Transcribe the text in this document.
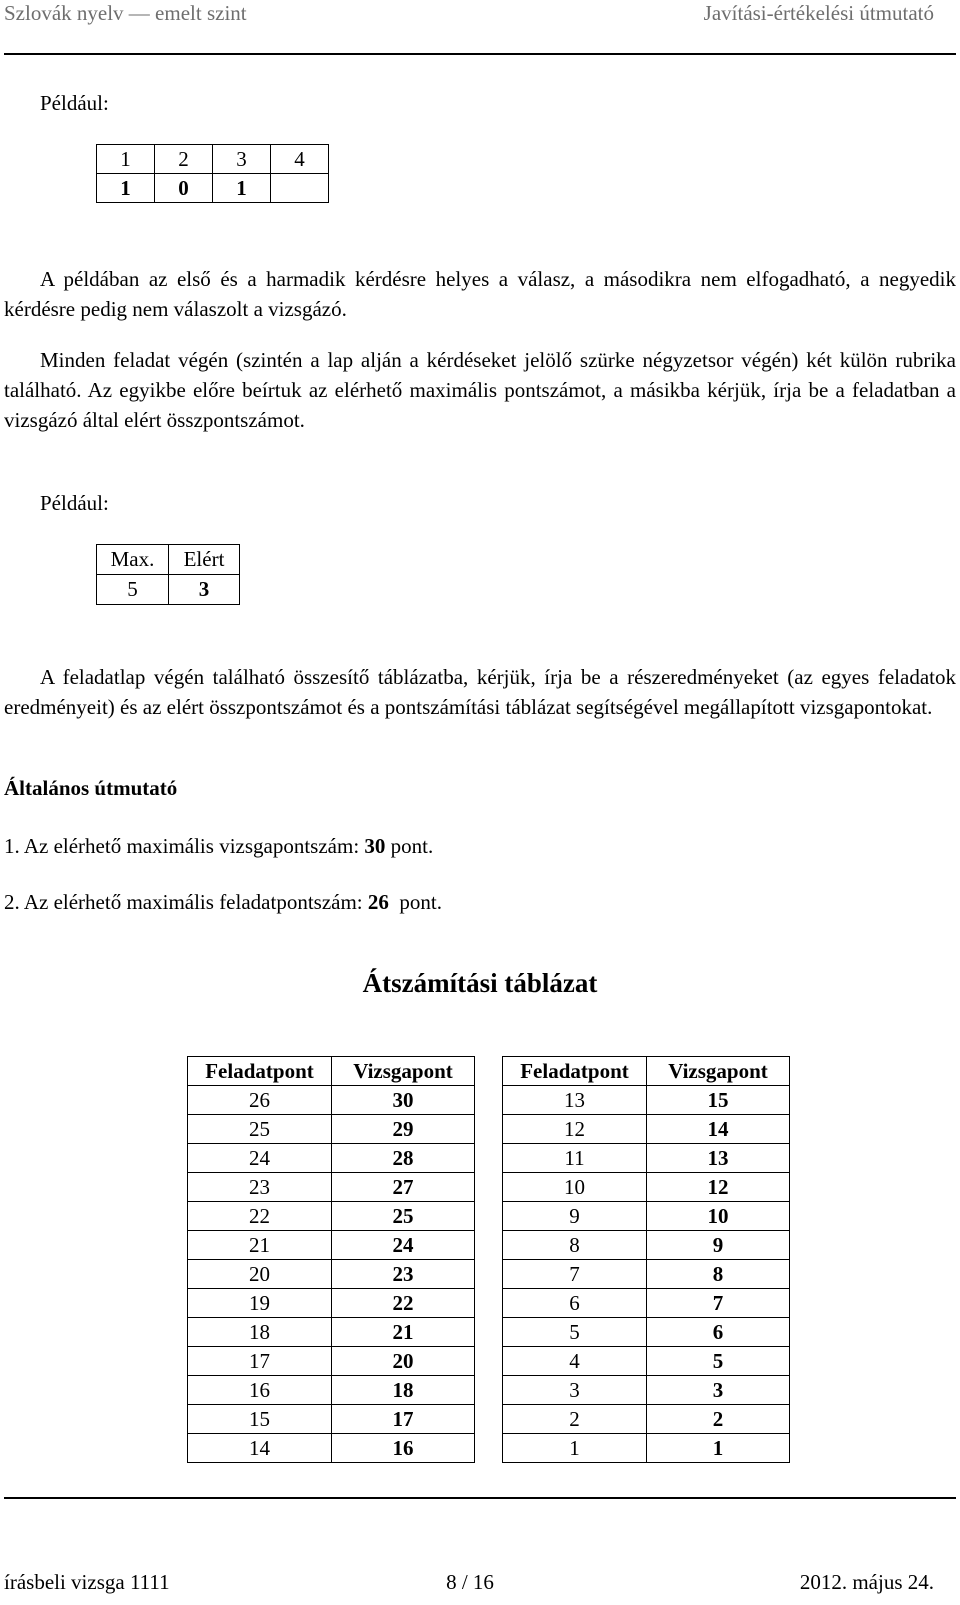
Szlovák nyelv — emelt szint	Javítási-értékelési útmutató
Például:
1	2	3	4
1	0	1	
A példában az első és a harmadik kérdésre helyes a válasz, a másodikra nem elfogadható, a negyedik kérdésre pedig nem válaszolt a vizsgázó.
Minden feladat végén (szintén a lap alján a kérdéseket jelölő szürke négyzetsor végén) két külön rubrika található. Az egyikbe előre beírtuk az elérhető maximális pontszámot, a másikba kérjük, írja be a feladatban a vizsgázó által elért összpontszámot.
Például:
Max.	Elért
5	3
A feladatlap végén található összesítő táblázatba, kérjük, írja be a részeredményeket (az egyes feladatok eredményeit) és az elért összpontszámot és a pontszámítási táblázat segítségével megállapított vizsgapontokat.
Általános útmutató
1. Az elérhető maximális vizsgapontszám: 30 pont.
2. Az elérhető maximális feladatpontszám: 26  pont.
Átszámítási táblázat
Feladatpont	Vizsgapont		Feladatpont	Vizsgapont
26	30		13	15
25	29		12	14
24	28		11	13
23	27		10	12
22	25		9	10
21	24		8	9
20	23		7	8
19	22		6	7
18	21		5	6
17	20		4	5
16	18		3	3
15	17		2	2
14	16		1	1
írásbeli vizsga 1111	8 / 16	2012. május 24.
